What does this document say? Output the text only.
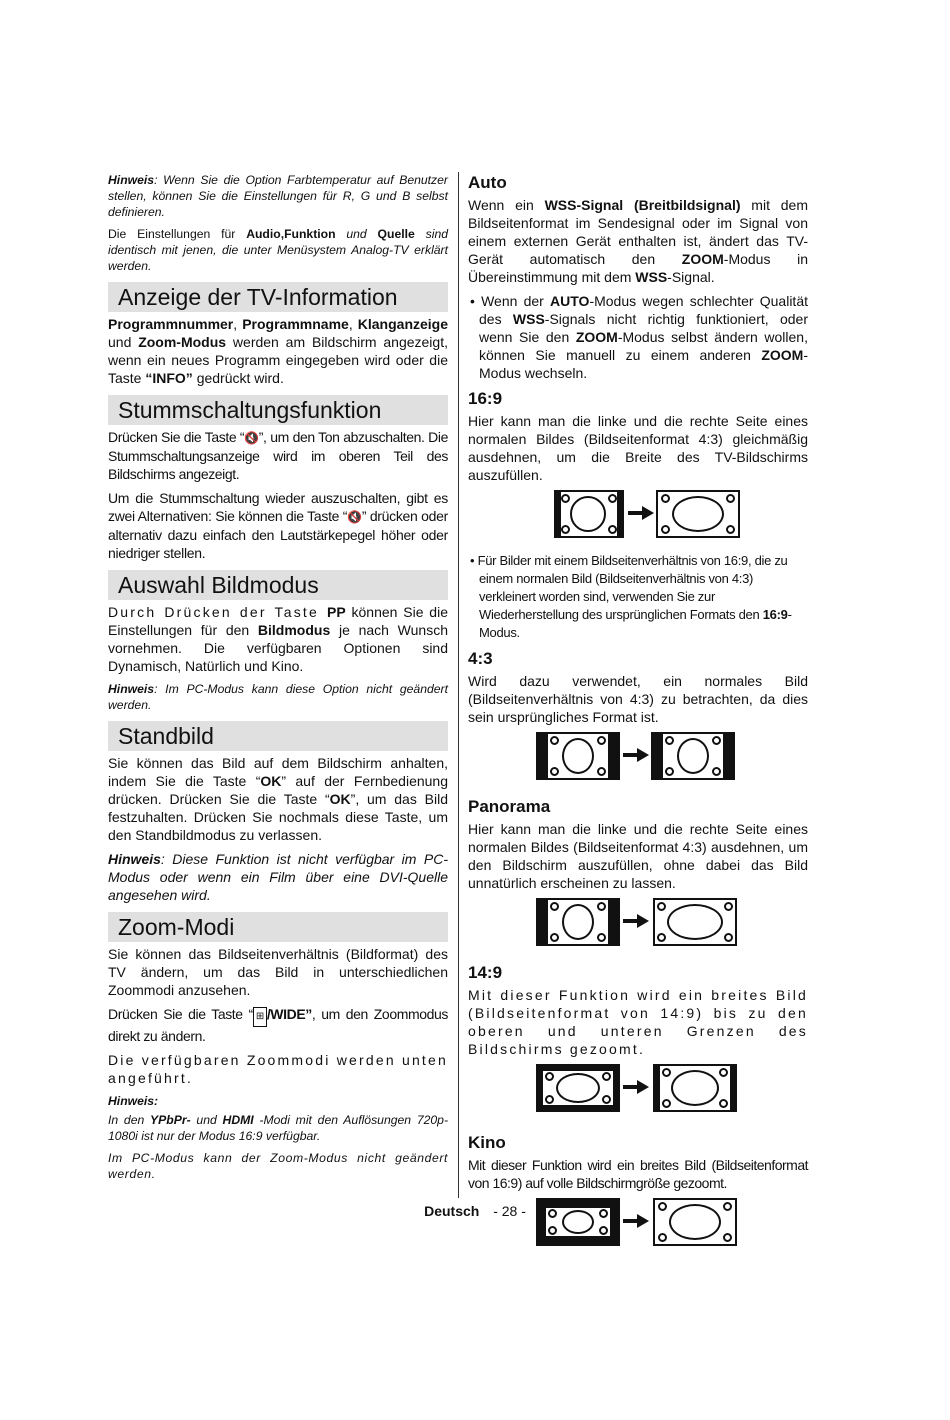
Hinweis: Wenn Sie die Option Farbtemperatur auf Benutzer stellen, können Sie die Einstellungen für R, G und B selbst definieren.

Die Einstellungen für Audio,Funktion und Quelle sind identisch mit jenen, die unter Menüsystem Analog-TV erklärt werden.

Anzeige der TV-Information

Programmnummer, Programmname, Klanganzeige und Zoom-Modus werden am Bildschirm angezeigt, wenn ein neues Programm eingegeben wird oder die Taste “INFO” gedrückt wird.

Stummschaltungsfunktion

Drücken Sie die Taste “🔇”, um den Ton abzuschalten. Die Stummschaltungsanzeige wird im oberen Teil des Bildschirms angezeigt.

Um die Stummschaltung wieder auszuschalten, gibt es zwei Alternativen: Sie können die Taste “🔇” drücken oder alternativ dazu einfach den Lautstärkepegel höher oder niedriger stellen.

Auswahl Bildmodus

Durch Drücken der Taste PP können Sie die Einstellungen für den Bildmodus je nach Wunsch vornehmen. Die verfügbaren Optionen sind Dynamisch, Natürlich und Kino.

Hinweis: Im PC-Modus kann diese Option nicht geändert werden.

Standbild

Sie können das Bild auf dem Bildschirm anhalten, indem Sie die Taste “OK” auf der Fernbedienung drücken. Drücken Sie die Taste “OK”, um das Bild festzuhalten. Drücken Sie nochmals diese Taste, um den Standbildmodus zu verlassen.

Hinweis: Diese Funktion ist nicht verfügbar im PC-Modus oder wenn ein Film über eine DVI-Quelle angesehen wird.

Zoom-Modi

Sie können das Bildseitenverhältnis (Bildformat) des TV ändern, um das Bild in unterschiedlichen Zoommodi anzusehen.

Drücken Sie die Taste “ ⊞ /WIDE”, um den Zoommodus direkt zu ändern.

Die verfügbaren Zoommodi werden unten angeführt.

Hinweis:

In den YPbPr- und HDMI -Modi mit den Auflösungen 720p-1080i ist nur der Modus 16:9 verfügbar.

Im PC-Modus kann der Zoom-Modus nicht geändert werden.

Auto

Wenn ein WSS-Signal (Breitbildsignal) mit dem Bildseitenformat im Sendesignal oder im Signal von einem externen Gerät enthalten ist, ändert das TV-Gerät automatisch den ZOOM-Modus in Übereinstimmung mit dem WSS-Signal.

• Wenn der AUTO-Modus wegen schlechter Qualität des WSS-Signals nicht richtig funktioniert, oder wenn Sie den ZOOM-Modus selbst ändern wollen, können Sie manuell zu einem anderen ZOOM-Modus wechseln.

16:9

Hier kann man die linke und die rechte Seite eines normalen Bildes (Bildseitenformat 4:3) gleichmäßig ausdehnen, um die Breite des TV-Bildschirms auszufüllen.

• Für Bilder mit einem Bildseitenverhältnis von 16:9, die zu einem normalen Bild (Bildseitenverhältnis von 4:3) verkleinert worden sind, verwenden Sie zur Wiederherstellung des ursprünglichen Formats den 16:9-Modus.

4:3

Wird dazu verwendet, ein normales Bild (Bildseitenverhältnis von 4:3) zu betrachten, da dies sein ursprüngliches Format ist.

Panorama

Hier kann man die linke und die rechte Seite eines normalen Bildes (Bildseitenformat 4:3) ausdehnen, um den Bildschirm auszufüllen, ohne dabei das Bild unnatürlich erscheinen zu lassen.

14:9

Mit dieser Funktion wird ein breites Bild (Bildseitenformat von 14:9) bis zu den oberen und unteren Grenzen des Bildschirms gezoomt.

Kino

Mit dieser Funktion wird ein breites Bild (Bildseitenformat von 16:9) auf volle Bildschirmgröße gezoomt.

Deutsch - 28 -
